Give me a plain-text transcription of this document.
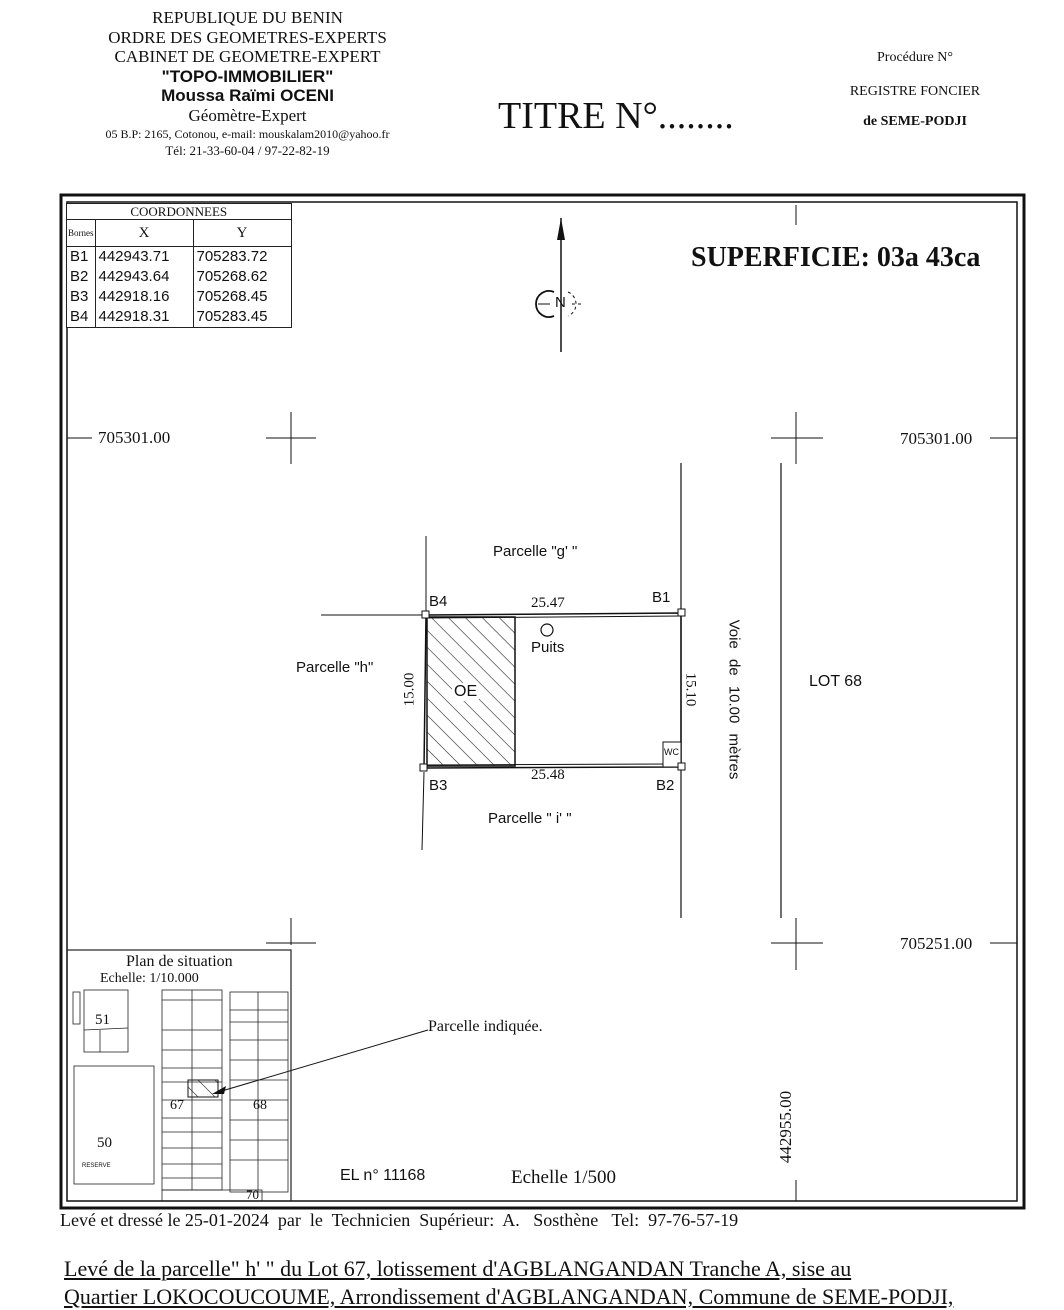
REPUBLIQUE DU BENIN
ORDRE DES GEOMETRES-EXPERTS
CABINET DE GEOMETRE-EXPERT
"TOPO-IMMOBILIER"
Moussa Raïmi OCENI
Géomètre-Expert
05 B.P: 2165, Cotonou, e-mail: mouskalam2010@yahoo.fr
Tél: 21-33-60-04 / 97-22-82-19
TITRE N°........
Procédure N°
REGISTRE FONCIER
de SEME-PODJI
COORDONNEES		
Bornes	X	Y
B1	442943.71	705283.72
B2	442943.64	705268.62
B3	442918.16	705268.45
B4	442918.31	705283.45
SUPERFICIE: 03a 43ca
N
705301.00	705301.00
705251.00
442955.00
Parcelle "g' "
Parcelle " i' "
Parcelle "h"
B4	B1
B3	B2
25.47
25.48
15.00	15.10
Puits
OE
WC	Voie de 10.00 mètres	LOT 68
Plan de situation
Echelle: 1/10.000
Parcelle indiquée.
51
50
67	68
70
RESERVE
EL n° 11168	Echelle 1/500
Levé et dressé le 25-01-2024  par  le  Technicien  Supérieur:  A.   Sosthène   Tel:  97-76-57-19
Levé de la parcelle" h' " du Lot 67, lotissement d'AGBLANGANDAN Tranche A, sise au
Quartier LOKOCOUCOUME, Arrondissement d'AGBLANGANDAN, Commune de SEME-PODJI,
